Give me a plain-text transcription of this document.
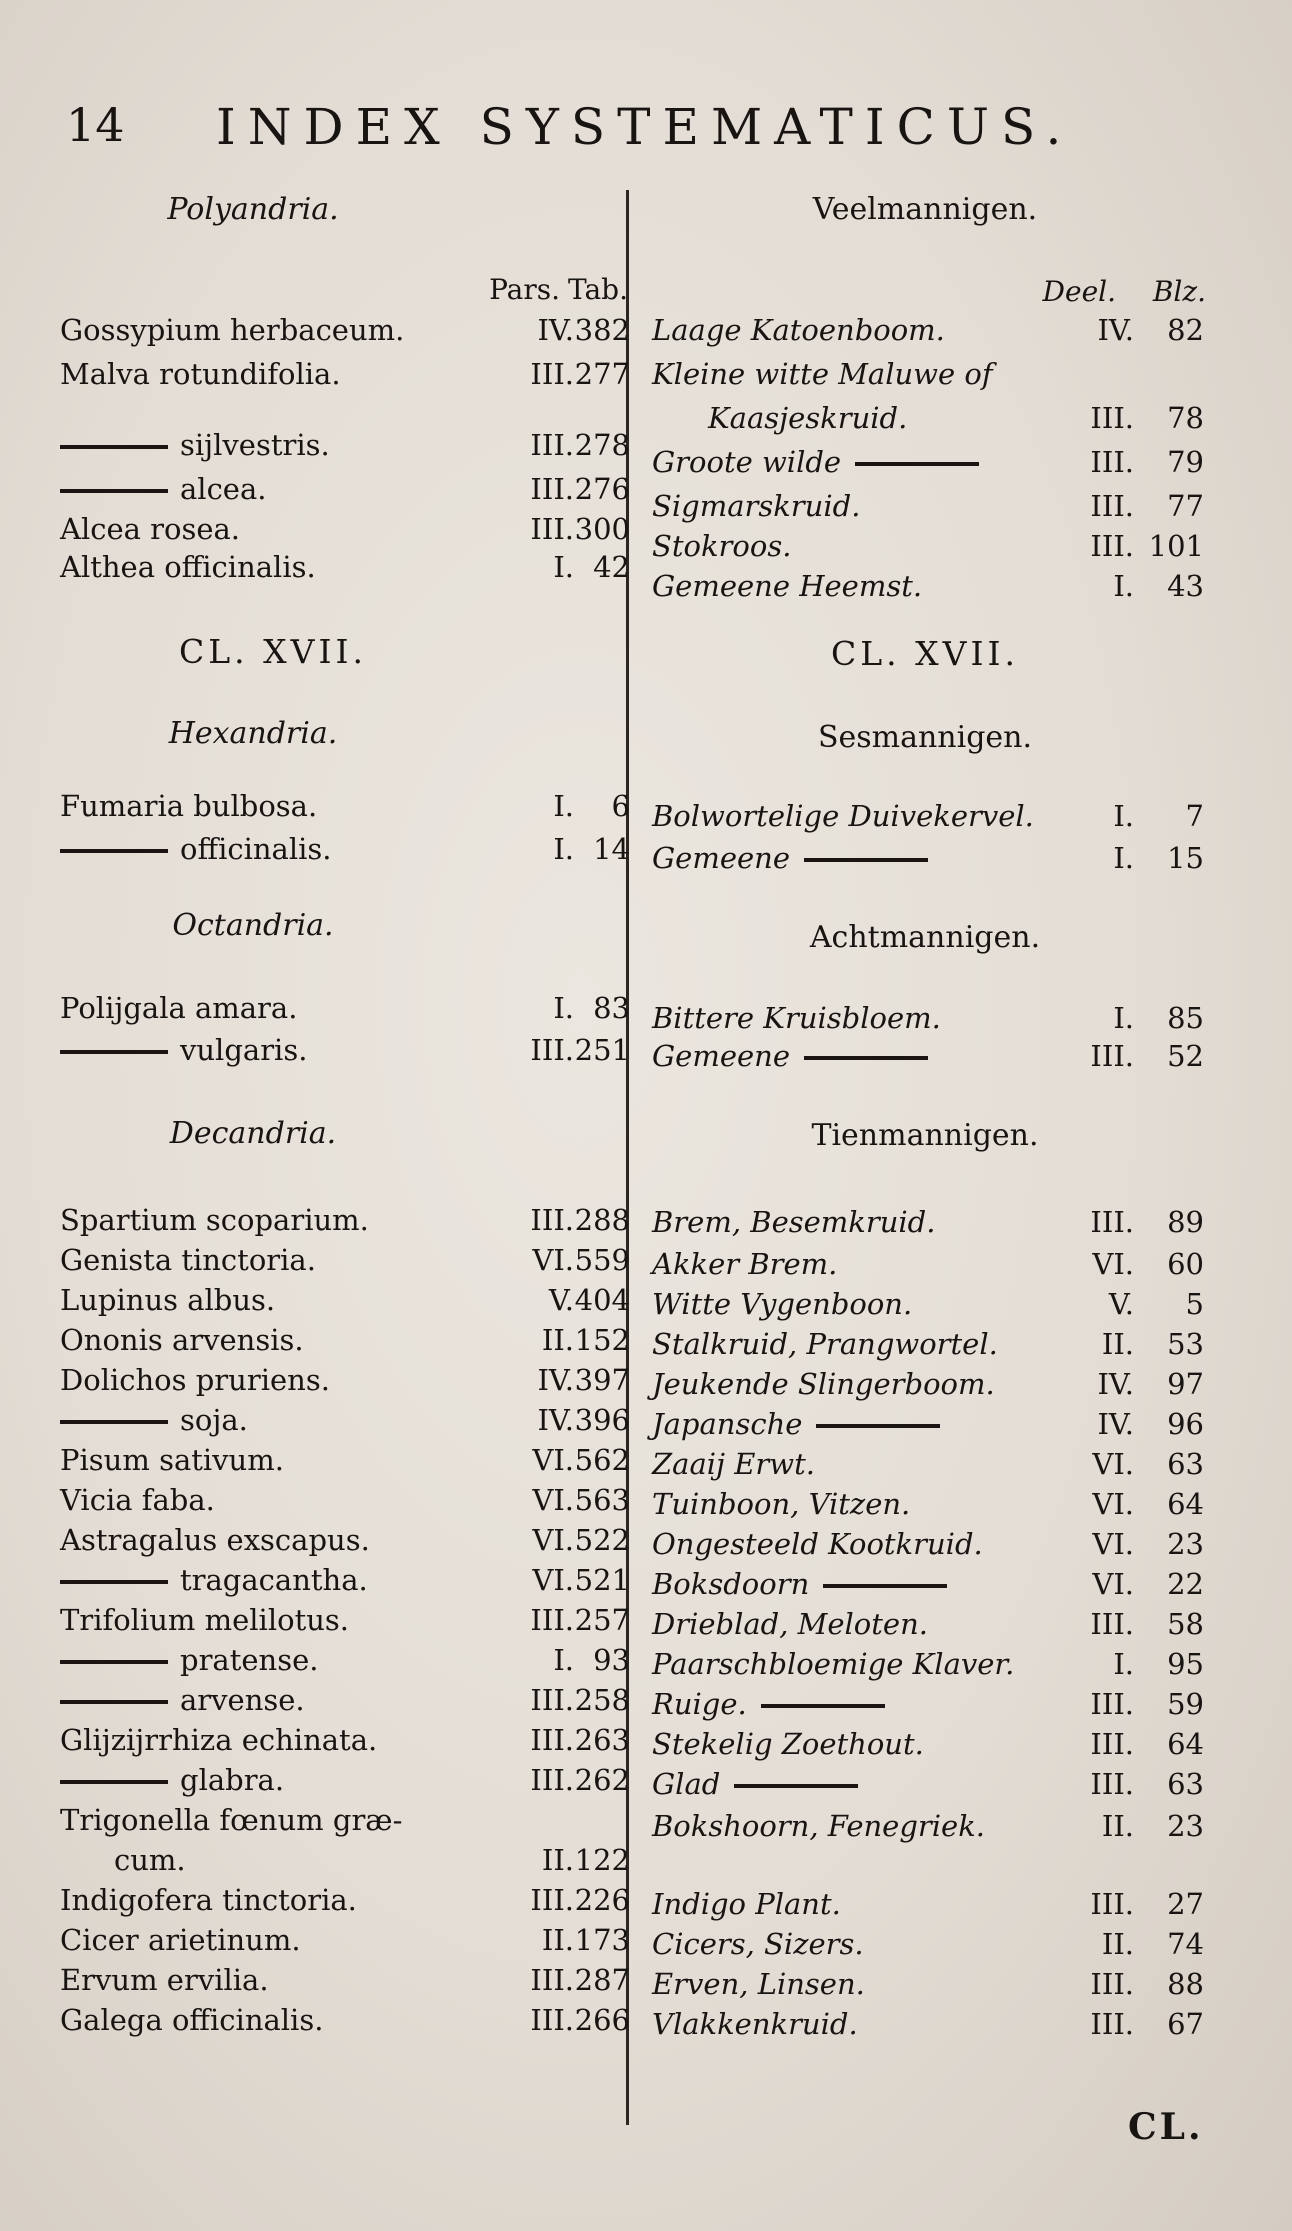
14 INDEX SYSTEMATICUS.
Pars. Tab.
Polyandria.
Gossypium herbaceum.	IV. 382
Malva rotundifolia.	III. 277
sijlvestris.	III. 278
alcea.	III. 276
Alcea rosea.	III. 300
Althea officinalis.	I. 42
CL. XVII.
Hexandria.
Fumaria bulbosa.	I. 6
officinalis.	I. 14
Octandria.
Polijgala amara.	I. 83
vulgaris.	III. 251
Decandria.
Spartium scoparium.	III. 288
Genista tinctoria.	VI. 559
Lupinus albus.	V. 404
Ononis arvensis.	II. 152
Dolichos pruriens.	IV. 397
soja.	IV. 396
Pisum sativum.	VI. 562
Vicia faba.	VI. 563
Astragalus exscapus.	VI. 522
tragacantha.	VI. 521
Trifolium melilotus.	III. 257
pratense.	I. 93
arvense.	III. 258
Glijzijrrhiza echinata.	III. 263
glabra.	III. 262
Trigonella fœnum græ-
cum.	II. 122
Indigofera tinctoria.	III. 226
Cicer arietinum.	II. 173
Ervum ervilia.	III. 287
Galega officinalis.	III. 266
Deel. Blz.
Veelmannigen.
Laage Katoenboom.	IV. 82
Kleine witte Maluwe of
Kaasjeskruid.	III. 78
Groote wilde	III. 79
Sigmarskruid.	III. 77
Stokroos.	III. 101
Gemeene Heemst.	I. 43
CL. XVII.
Sesmannigen.
Bolwortelige Duivekervel.	I. 7
Gemeene	I. 15
Achtmannigen.
Bittere Kruisbloem.	I. 85
Gemeene	III. 52
Tienmannigen.
Brem, Besemkruid.	III. 89
Akker Brem.	VI. 60
Witte Vygenboon.	V. 5
Stalkruid, Prangwortel.	II. 53
Jeukende Slingerboom.	IV. 97
Japansche	IV. 96
Zaaij Erwt.	VI. 63
Tuinboon, Vitzen.	VI. 64
Ongesteeld Kootkruid.	VI. 23
Boksdoorn	VI. 22
Drieblad, Meloten.	III. 58
Paarschbloemige Klaver.	I. 95
Ruige.	III. 59
Stekelig Zoethout.	III. 64
Glad	III. 63
Bokshoorn, Fenegriek.	II. 23
Indigo Plant.	III. 27
Cicers, Sizers.	II. 74
Erven, Linsen.	III. 88
Vlakkenkruid.	III. 67
CL.
